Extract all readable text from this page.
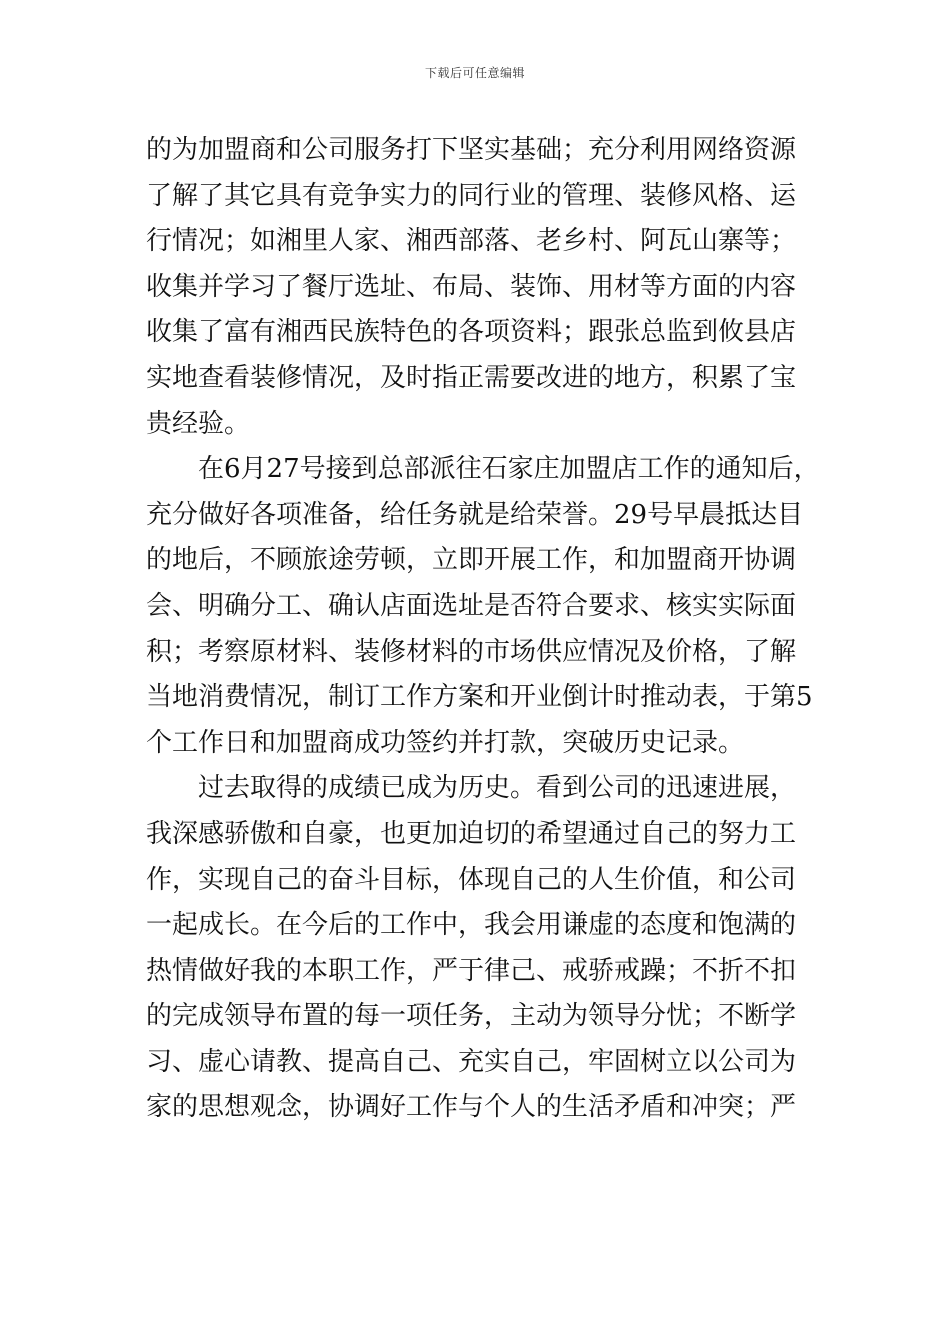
下载后可任意编辑
的为加盟商和公司服务打下坚实基础；充分利用网络资源
了解了其它具有竞争实力的同行业的管理、装修风格、运
行情况；如湘里人家、湘西部落、老乡村、阿瓦山寨等；
收集并学习了餐厅选址、布局、装饰、用材等方面的内容
收集了富有湘西民族特色的各项资料；跟张总监到攸县店
实地查看装修情况，及时指正需要改进的地方，积累了宝
贵经验。
　　在6月27号接到总部派往石家庄加盟店工作的通知后，
充分做好各项准备，给任务就是给荣誉。29号早晨抵达目
的地后，不顾旅途劳顿，立即开展工作，和加盟商开协调
会、明确分工、确认店面选址是否符合要求、核实实际面
积；考察原材料、装修材料的市场供应情况及价格，了解
当地消费情况，制订工作方案和开业倒计时推动表，于第5
个工作日和加盟商成功签约并打款，突破历史记录。
　　过去取得的成绩已成为历史。看到公司的迅速进展，
我深感骄傲和自豪，也更加迫切的希望通过自己的努力工
作，实现自己的奋斗目标，体现自己的人生价值，和公司
一起成长。在今后的工作中，我会用谦虚的态度和饱满的
热情做好我的本职工作，严于律己、戒骄戒躁；不折不扣
的完成领导布置的每一项任务，主动为领导分忧；不断学
习、虚心请教、提高自己、充实自己，牢固树立以公司为
家的思想观念，协调好工作与个人的生活矛盾和冲突；严
